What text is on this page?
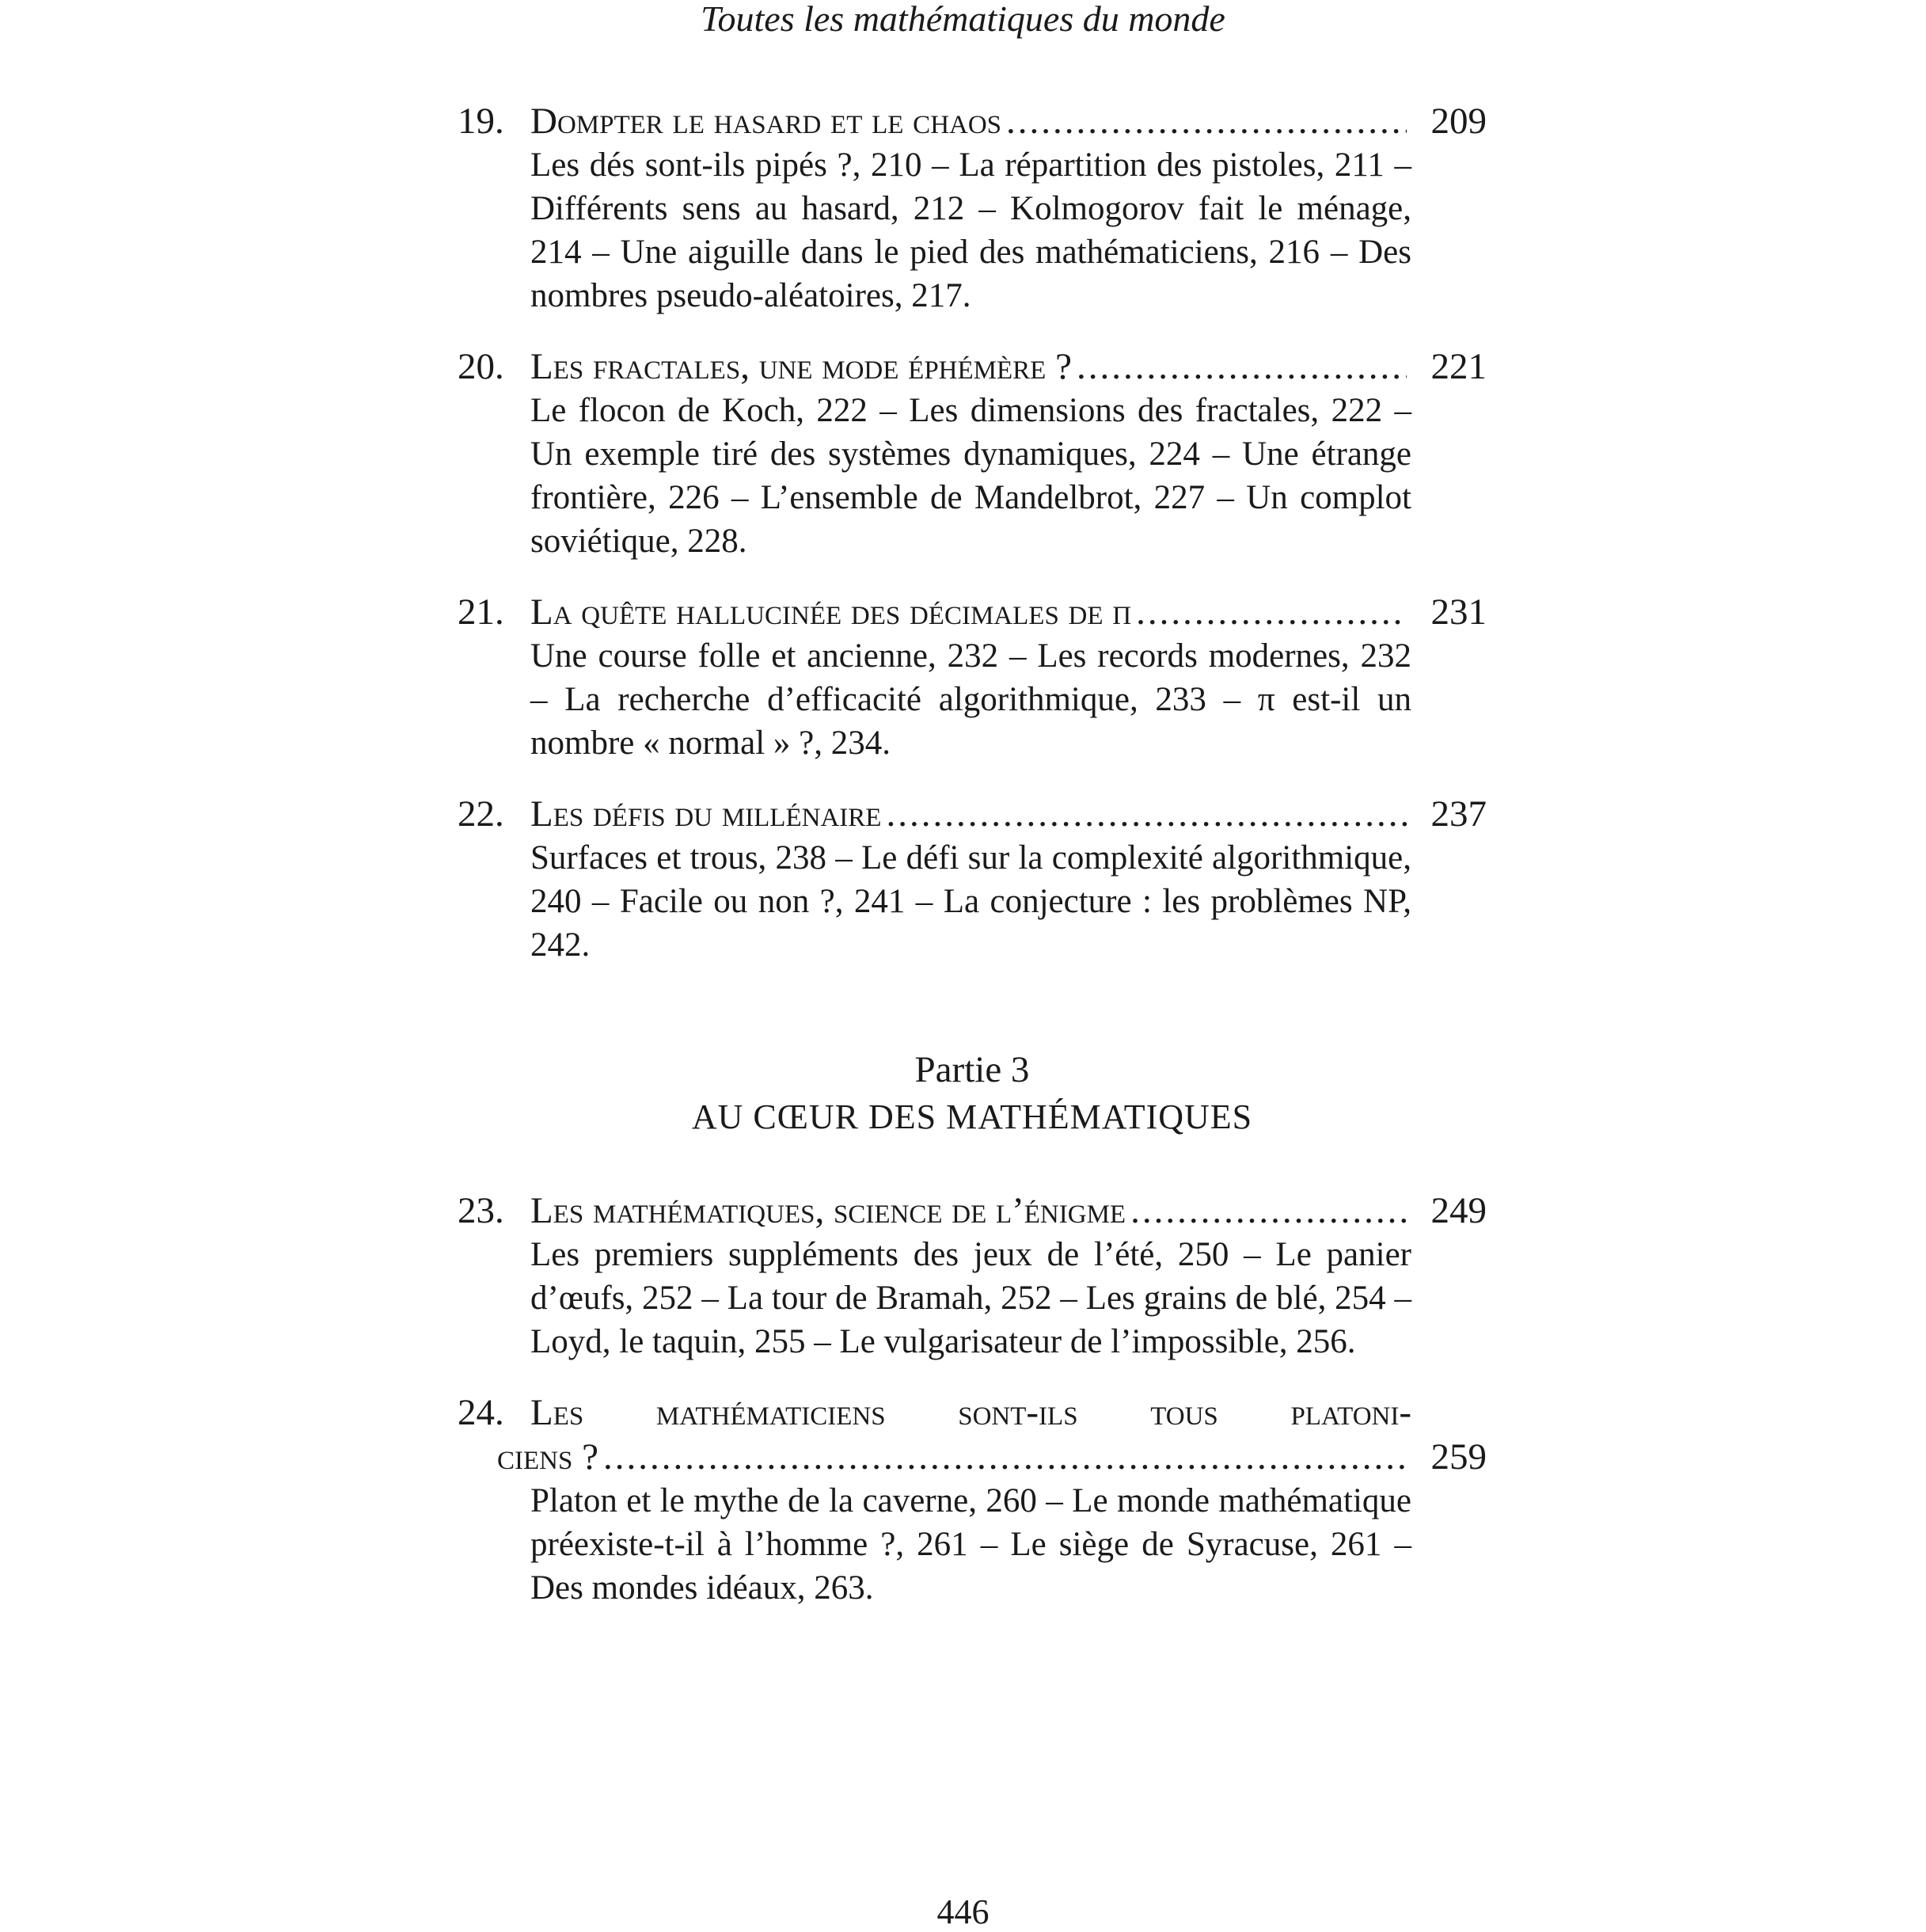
Toutes les mathématiques du monde
19. Dompter le hasard et le chaos .....	209
Les dés sont-ils pipés ?, 210 – La répartition des pistoles, 211 – Différents sens au hasard, 212 – Kolmogorov fait le ménage, 214 – Une aiguille dans le pied des mathématiciens, 216 – Des nombres pseudo-aléatoires, 217.
20. Les fractales, une mode éphémère ? .....	221
Le flocon de Koch, 222 – Les dimensions des fractales, 222 – Un exemple tiré des systèmes dynamiques, 224 – Une étrange frontière, 226 – L’ensemble de Mandelbrot, 227 – Un complot soviétique, 228.
21. La quête hallucinée des décimales de π .....	231
Une course folle et ancienne, 232 – Les records modernes, 232 – La recherche d’efficacité algorithmique, 233 – π est-il un nombre « normal » ?, 234.
22. Les défis du millénaire .....	237
Surfaces et trous, 238 – Le défi sur la complexité algorithmique, 240 – Facile ou non ?, 241 – La conjecture : les problèmes NP, 242.
Partie 3
AU CŒUR DES MATHÉMATIQUES
23. Les mathématiques, science de l’énigme .....	249
Les premiers suppléments des jeux de l’été, 250 – Le panier d’œufs, 252 – La tour de Bramah, 252 – Les grains de blé, 254 – Loyd, le taquin, 255 – Le vulgarisateur de l’impossible, 256.
24. Les mathématiciens sont-ils tous platoni-
ciens ? .....	259
Platon et le mythe de la caverne, 260 – Le monde mathématique préexiste-t-il à l’homme ?, 261 – Le siège de Syracuse, 261 – Des mondes idéaux, 263.
446
